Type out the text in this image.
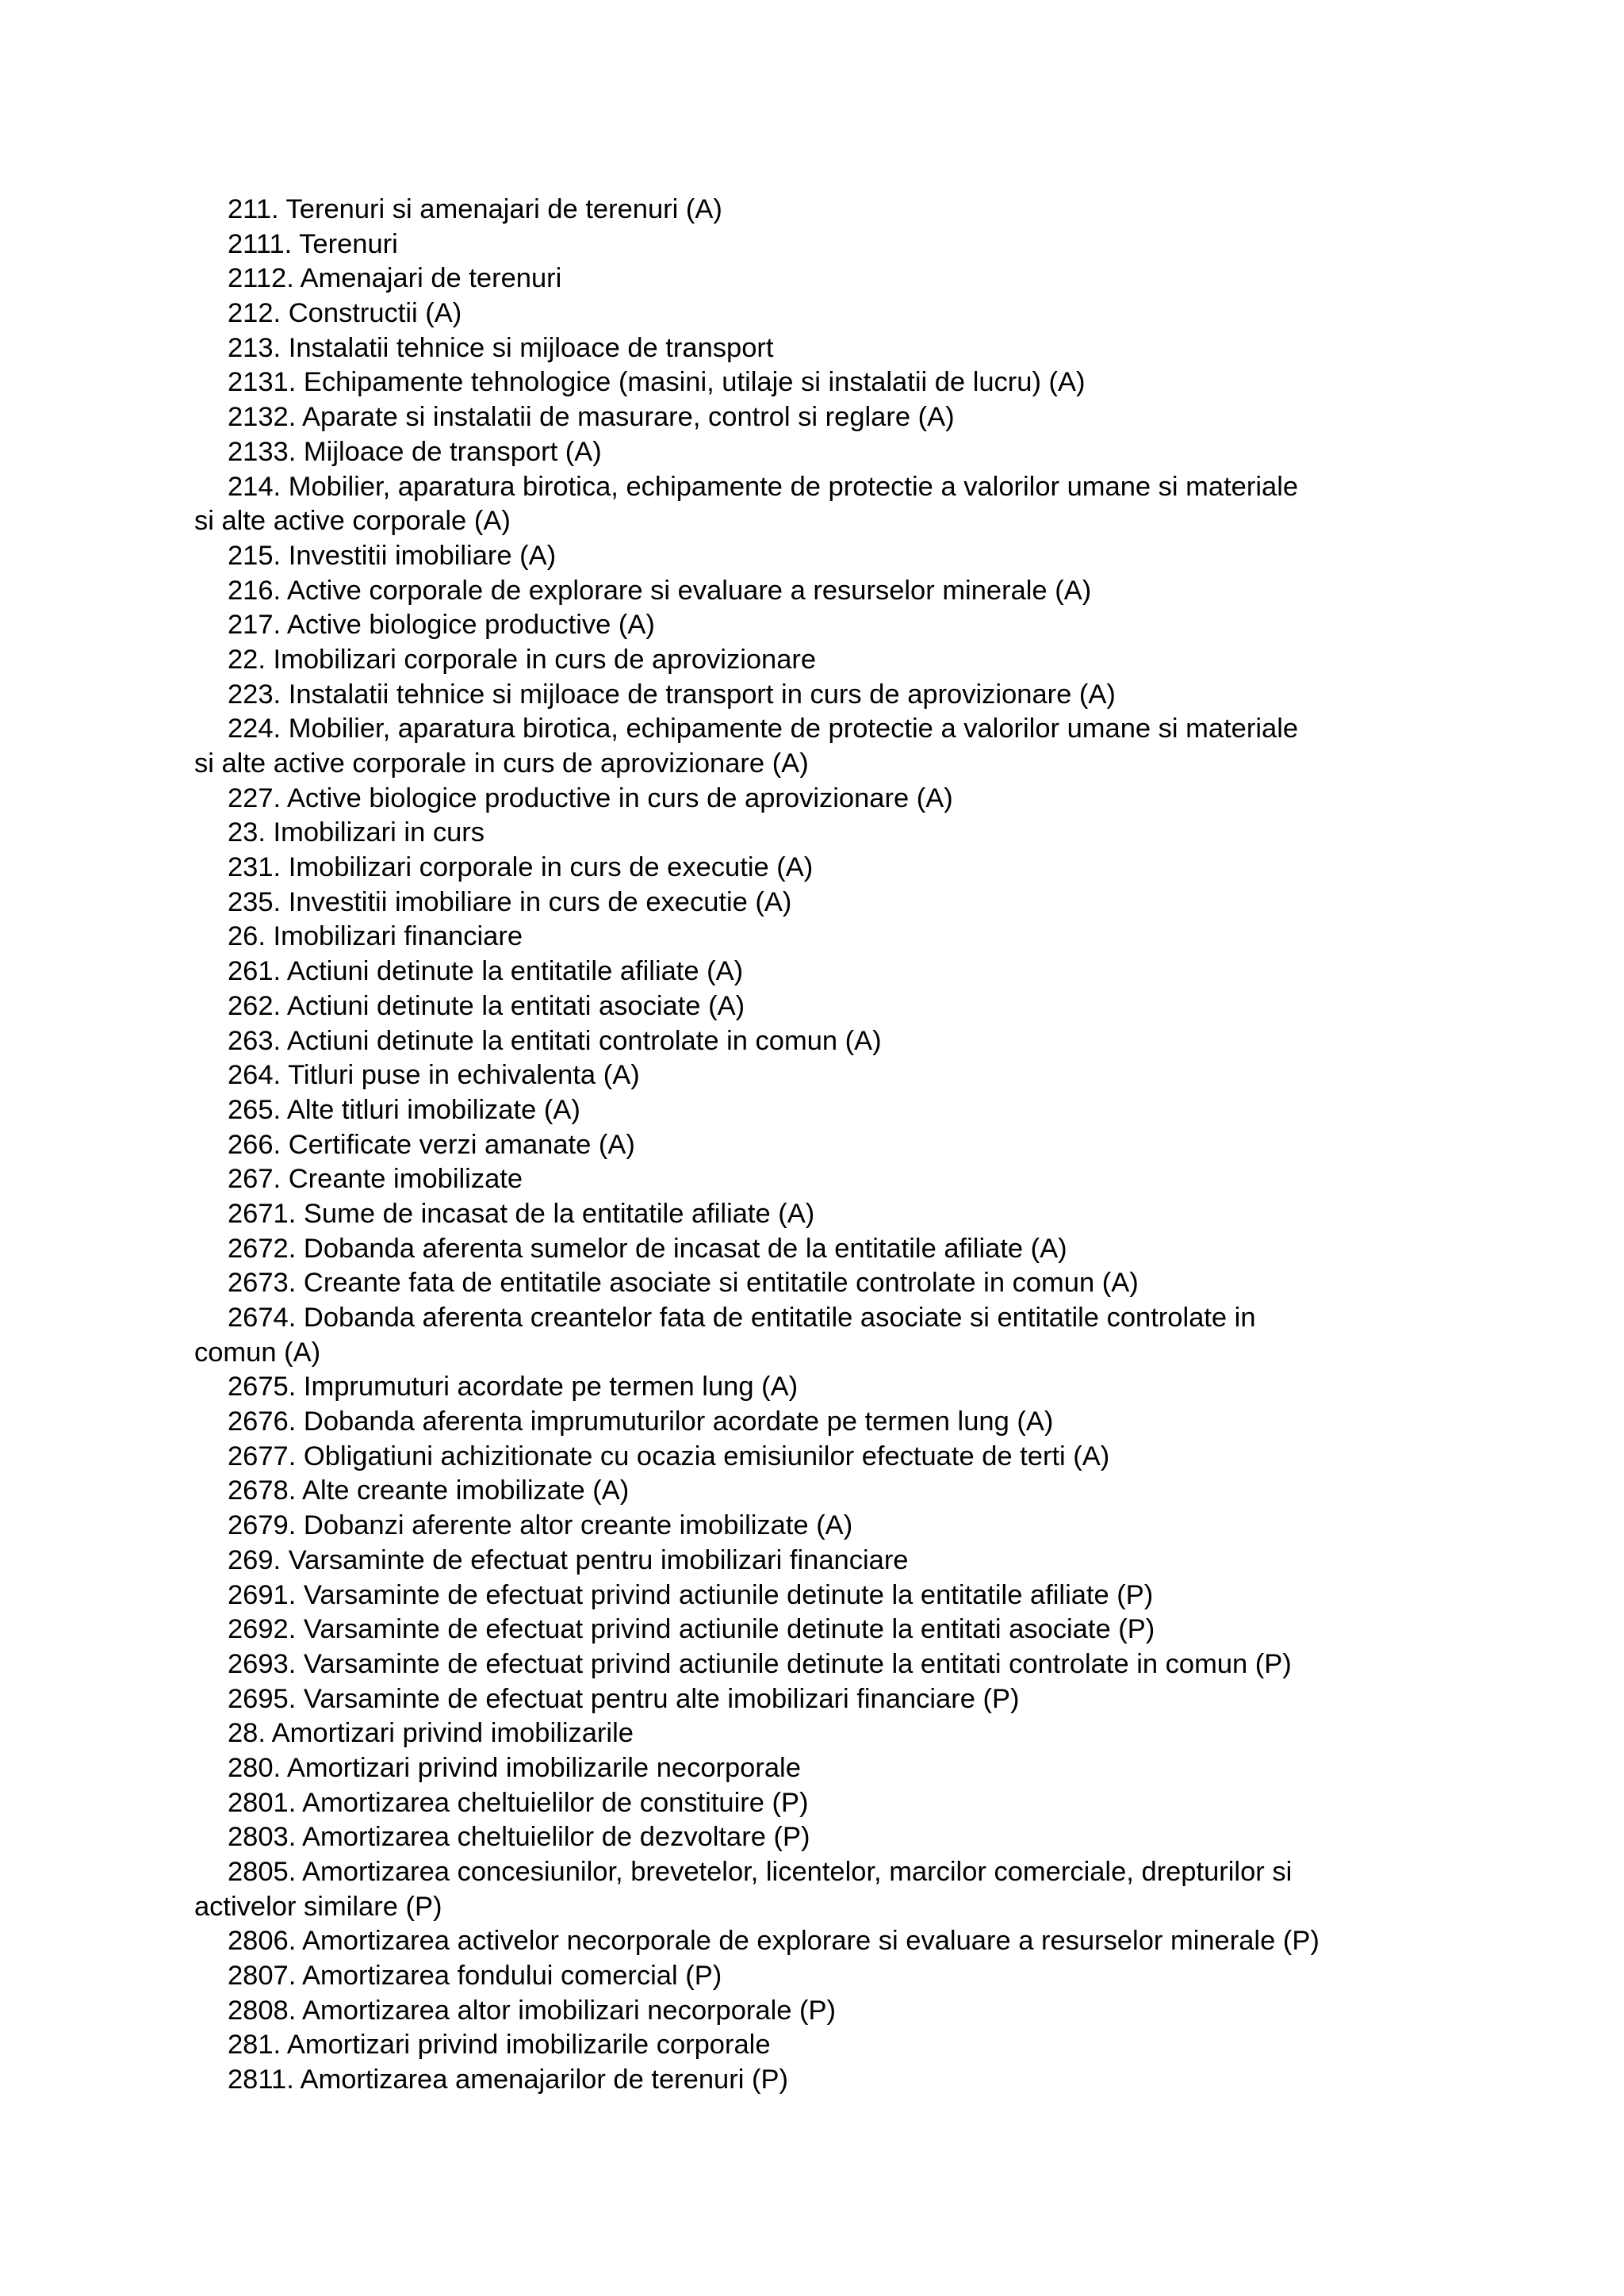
211. Terenuri si amenajari de terenuri (A)
2111. Terenuri
2112. Amenajari de terenuri
212. Constructii (A)
213. Instalatii tehnice si mijloace de transport
2131. Echipamente tehnologice (masini, utilaje si instalatii de lucru) (A)
2132. Aparate si instalatii de masurare, control si reglare (A)
2133. Mijloace de transport (A)
214. Mobilier, aparatura birotica, echipamente de protectie a valorilor umane si materiale
si alte active corporale (A)
215. Investitii imobiliare (A)
216. Active corporale de explorare si evaluare a resurselor minerale (A)
217. Active biologice productive (A)
22. Imobilizari corporale in curs de aprovizionare
223. Instalatii tehnice si mijloace de transport in curs de aprovizionare (A)
224. Mobilier, aparatura birotica, echipamente de protectie a valorilor umane si materiale
si alte active corporale in curs de aprovizionare (A)
227. Active biologice productive in curs de aprovizionare (A)
23. Imobilizari in curs
231. Imobilizari corporale in curs de executie (A)
235. Investitii imobiliare in curs de executie (A)
26. Imobilizari financiare
261. Actiuni detinute la entitatile afiliate (A)
262. Actiuni detinute la entitati asociate (A)
263. Actiuni detinute la entitati controlate in comun (A)
264. Titluri puse in echivalenta (A)
265. Alte titluri imobilizate (A)
266. Certificate verzi amanate (A)
267. Creante imobilizate
2671. Sume de incasat de la entitatile afiliate (A)
2672. Dobanda aferenta sumelor de incasat de la entitatile afiliate (A)
2673. Creante fata de entitatile asociate si entitatile controlate in comun (A)
2674. Dobanda aferenta creantelor fata de entitatile asociate si entitatile controlate in
comun (A)
2675. Imprumuturi acordate pe termen lung (A)
2676. Dobanda aferenta imprumuturilor acordate pe termen lung (A)
2677. Obligatiuni achizitionate cu ocazia emisiunilor efectuate de terti (A)
2678. Alte creante imobilizate (A)
2679. Dobanzi aferente altor creante imobilizate (A)
269. Varsaminte de efectuat pentru imobilizari financiare
2691. Varsaminte de efectuat privind actiunile detinute la entitatile afiliate (P)
2692. Varsaminte de efectuat privind actiunile detinute la entitati asociate (P)
2693. Varsaminte de efectuat privind actiunile detinute la entitati controlate in comun (P)
2695. Varsaminte de efectuat pentru alte imobilizari financiare (P)
28. Amortizari privind imobilizarile
280. Amortizari privind imobilizarile necorporale
2801. Amortizarea cheltuielilor de constituire (P)
2803. Amortizarea cheltuielilor de dezvoltare (P)
2805. Amortizarea concesiunilor, brevetelor, licentelor, marcilor comerciale, drepturilor si
activelor similare (P)
2806. Amortizarea activelor necorporale de explorare si evaluare a resurselor minerale (P)
2807. Amortizarea fondului comercial (P)
2808. Amortizarea altor imobilizari necorporale (P)
281. Amortizari privind imobilizarile corporale
2811. Amortizarea amenajarilor de terenuri (P)
